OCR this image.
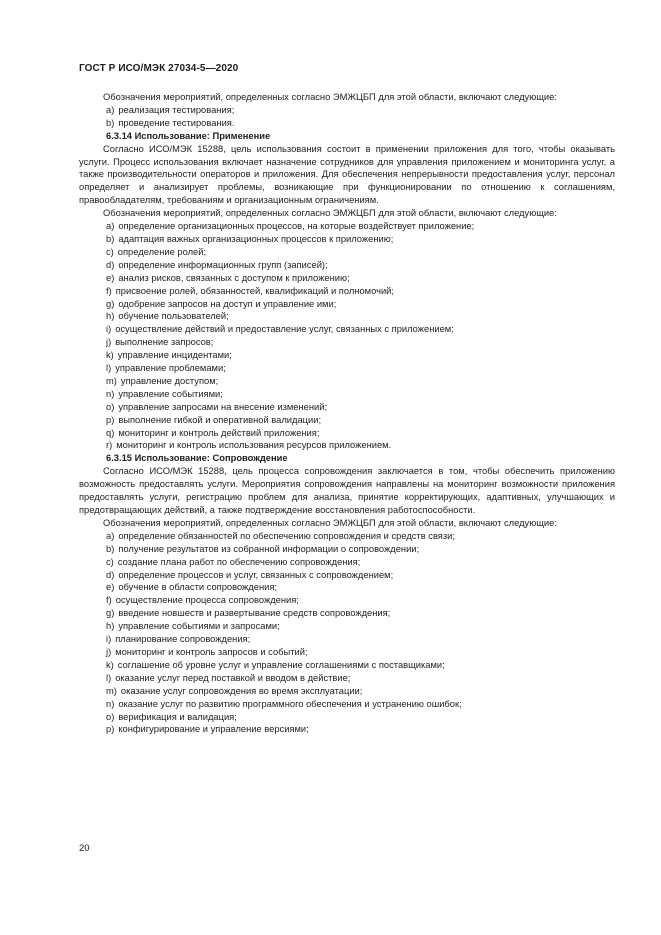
ГОСТ Р ИСО/МЭК 27034-5—2020
Обозначения мероприятий, определенных согласно ЭМЖЦБП для этой области, включают следующие:
a) реализация тестирования;
b) проведение тестирования.
6.3.14 Использование: Применение
Согласно ИСО/МЭК 15288, цель использования состоит в применении приложения для того, чтобы оказывать услуги. Процесс использования включает назначение сотрудников для управления приложением и мониторинга услуг, а также производительности операторов и приложения. Для обеспечения непрерывности предоставления услуг, персонал определяет и анализирует проблемы, возникающие при функционировании по отношению к соглашениям, правообладателям, требованиям и организационным ограничениям.
Обозначения мероприятий, определенных согласно ЭМЖЦБП для этой области, включают следующие:
a) определение организационных процессов, на которые воздействует приложение;
b) адаптация важных организационных процессов к приложению;
c) определение ролей;
d) определение информационных групп (записей);
e) анализ рисков, связанных с доступом к приложению;
f) присвоение ролей, обязанностей, квалификаций и полномочий;
g) одобрение запросов на доступ и управление ими;
h) обучение пользователей;
i) осуществление действий и предоставление услуг, связанных с приложением;
j) выполнение запросов;
k) управление инцидентами;
l) управление проблемами;
m) управление доступом;
n) управление событиями;
o) управление запросами на внесение изменений;
p) выполнение гибкой и оперативной валидации;
q) мониторинг и контроль действий приложения;
r) мониторинг и контроль использования ресурсов приложением.
6.3.15 Использование: Сопровождение
Согласно ИСО/МЭК 15288, цель процесса сопровождения заключается в том, чтобы обеспечить приложению возможность предоставлять услуги. Мероприятия сопровождения направлены на мониторинг возможности приложения предоставлять услуги, регистрацию проблем для анализа, принятие корректирующих, адаптивных, улучшающих и предотвращающих действий, а также подтверждение восстановления работоспособности.
Обозначения мероприятий, определенных согласно ЭМЖЦБП для этой области, включают следующие:
a) определение обязанностей по обеспечению сопровождения и средств связи;
b) получение результатов из собранной информации о сопровождении;
c) создание плана работ по обеспечению сопровождения;
d) определение процессов и услуг, связанных с сопровождением;
e) обучение в области сопровождения;
f) осуществление процесса сопровождения;
g) введение новшеств и развертывание средств сопровождения;
h) управление событиями и запросами;
i) планирование сопровождения;
j) мониторинг и контроль запросов и событий;
k) соглашение об уровне услуг и управление соглашениями с поставщиками;
l) оказание услуг перед поставкой и вводом в действие;
m) оказание услуг сопровождения во время эксплуатации;
n) оказание услуг по развитию программного обеспечения и устранению ошибок;
o) верификация и валидация;
p) конфигурирование и управление версиями;
20
